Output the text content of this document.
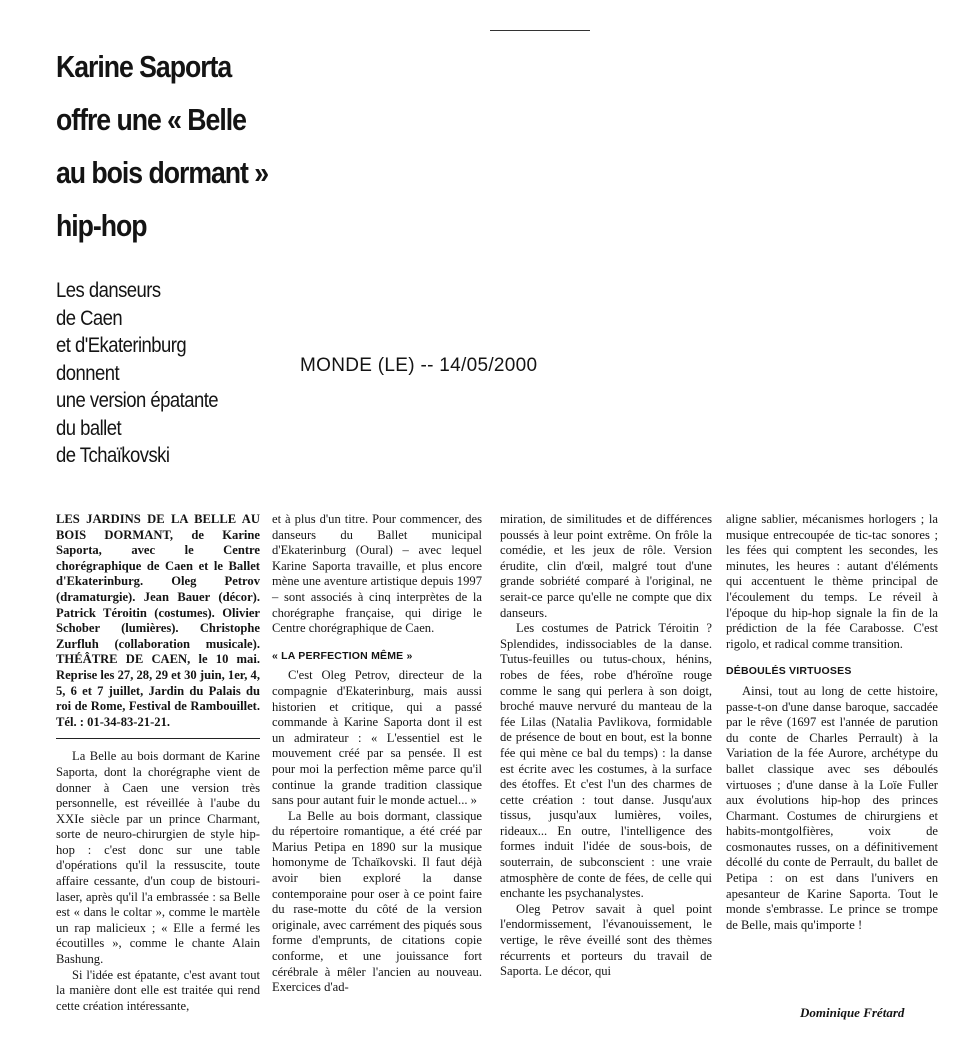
Karine Saporta
offre une « Belle
au bois dormant »
hip-hop
Les danseurs
de Caen
et d'Ekaterinburg
donnent
une version épatante
du ballet
de Tchaïkovski
MONDE (LE) -- 14/05/2000

LES JARDINS DE LA BELLE AU BOIS DORMANT, de Karine Saporta, avec le Centre chorégraphique de Caen et le Ballet d'Ekaterinburg. Oleg Petrov (dramaturgie). Jean Bauer (décor). Patrick Téroitin (costumes). Olivier Schober (lumières). Christophe Zurfluh (collaboration musicale). THÉÂTRE DE CAEN, le 10 mai. Reprise les 27, 28, 29 et 30 juin, 1er, 4, 5, 6 et 7 juillet, Jardin du Palais du roi de Rome, Festival de Rambouillet. Tél. : 01-34-83-21-21.

La Belle au bois dormant de Karine Saporta, dont la chorégraphe vient de donner à Caen une version très personnelle, est réveillée à l'aube du XXIe siècle par un prince Charmant, sorte de neuro-chirurgien de style hip-hop : c'est donc sur une table d'opérations qu'il la ressuscite, toute affaire cessante, d'un coup de bistouri-laser, après qu'il l'a embrassée : sa Belle est « dans le coltar », comme le martèle un rap malicieux ; « Elle a fermé les écoutilles », comme le chante Alain Bashung.

Si l'idée est épatante, c'est avant tout la manière dont elle est traitée qui rend cette création intéressante,

et à plus d'un titre. Pour commencer, des danseurs du Ballet municipal d'Ekaterinburg (Oural) – avec lequel Karine Saporta travaille, et plus encore mène une aventure artistique depuis 1997 – sont associés à cinq interprètes de la chorégraphe française, qui dirige le Centre chorégraphique de Caen.

« LA PERFECTION MÊME »

C'est Oleg Petrov, directeur de la compagnie d'Ekaterinburg, mais aussi historien et critique, qui a passé commande à Karine Saporta dont il est un admirateur : « L'essentiel est le mouvement créé par sa pensée. Il est pour moi la perfection même parce qu'il continue la grande tradition classique sans pour autant fuir le monde actuel... »

La Belle au bois dormant, classique du répertoire romantique, a été créé par Marius Petipa en 1890 sur la musique homonyme de Tchaïkovski. Il faut déjà avoir bien exploré la danse contemporaine pour oser à ce point faire du rase-motte du côté de la version originale, avec carrément des piqués sous forme d'emprunts, de citations copie conforme, et une jouissance fort cérébrale à mêler l'ancien au nouveau. Exercices d'ad-

miration, de similitudes et de différences poussés à leur point extrême. On frôle la comédie, et les jeux de rôle. Version érudite, clin d'œil, malgré tout d'une grande sobriété comparé à l'original, ne serait-ce parce qu'elle ne compte que dix danseurs.

Les costumes de Patrick Téroitin ? Splendides, indissociables de la danse. Tutus-feuilles ou tutus-choux, hénins, robes de fées, robe d'héroïne rouge comme le sang qui perlera à son doigt, broché mauve nervuré du manteau de la fée Lilas (Natalia Pavlikova, formidable de présence de bout en bout, est la bonne fée qui mène ce bal du temps) : la danse est écrite avec les costumes, à la surface des étoffes. Et c'est l'un des charmes de cette création : tout danse. Jusqu'aux tissus, jusqu'aux lumières, voiles, rideaux... En outre, l'intelligence des formes induit l'idée de sous-bois, de souterrain, de subconscient : une vraie atmosphère de conte de fées, de celle qui enchante les psychanalystes.

Oleg Petrov savait à quel point l'endormissement, l'évanouissement, le vertige, le rêve éveillé sont des thèmes récurrents et porteurs du travail de Saporta. Le décor, qui

aligne sablier, mécanismes horlogers ; la musique entrecoupée de tic-tac sonores ; les fées qui comptent les secondes, les minutes, les heures : autant d'éléments qui accentuent le thème principal de l'écoulement du temps. Le réveil à l'époque du hip-hop signale la fin de la prédiction de la fée Carabosse. C'est rigolo, et radical comme transition.

DÉBOULÉS VIRTUOSES

Ainsi, tout au long de cette histoire, passe-t-on d'une danse baroque, saccadée par le rêve (1697 est l'année de parution du conte de Charles Perrault) à la Variation de la fée Aurore, archétype du ballet classique avec ses déboulés virtuoses ; d'une danse à la Loïe Fuller aux évolutions hip-hop des princes Charmant. Costumes de chirurgiens et habits-montgolfières, voix de cosmonautes russes, on a définitivement décollé du conte de Perrault, du ballet de Petipa : on est dans l'univers en apesanteur de Karine Saporta. Tout le monde s'embrasse. Le prince se trompe de Belle, mais qu'importe !

Dominique Frétard
